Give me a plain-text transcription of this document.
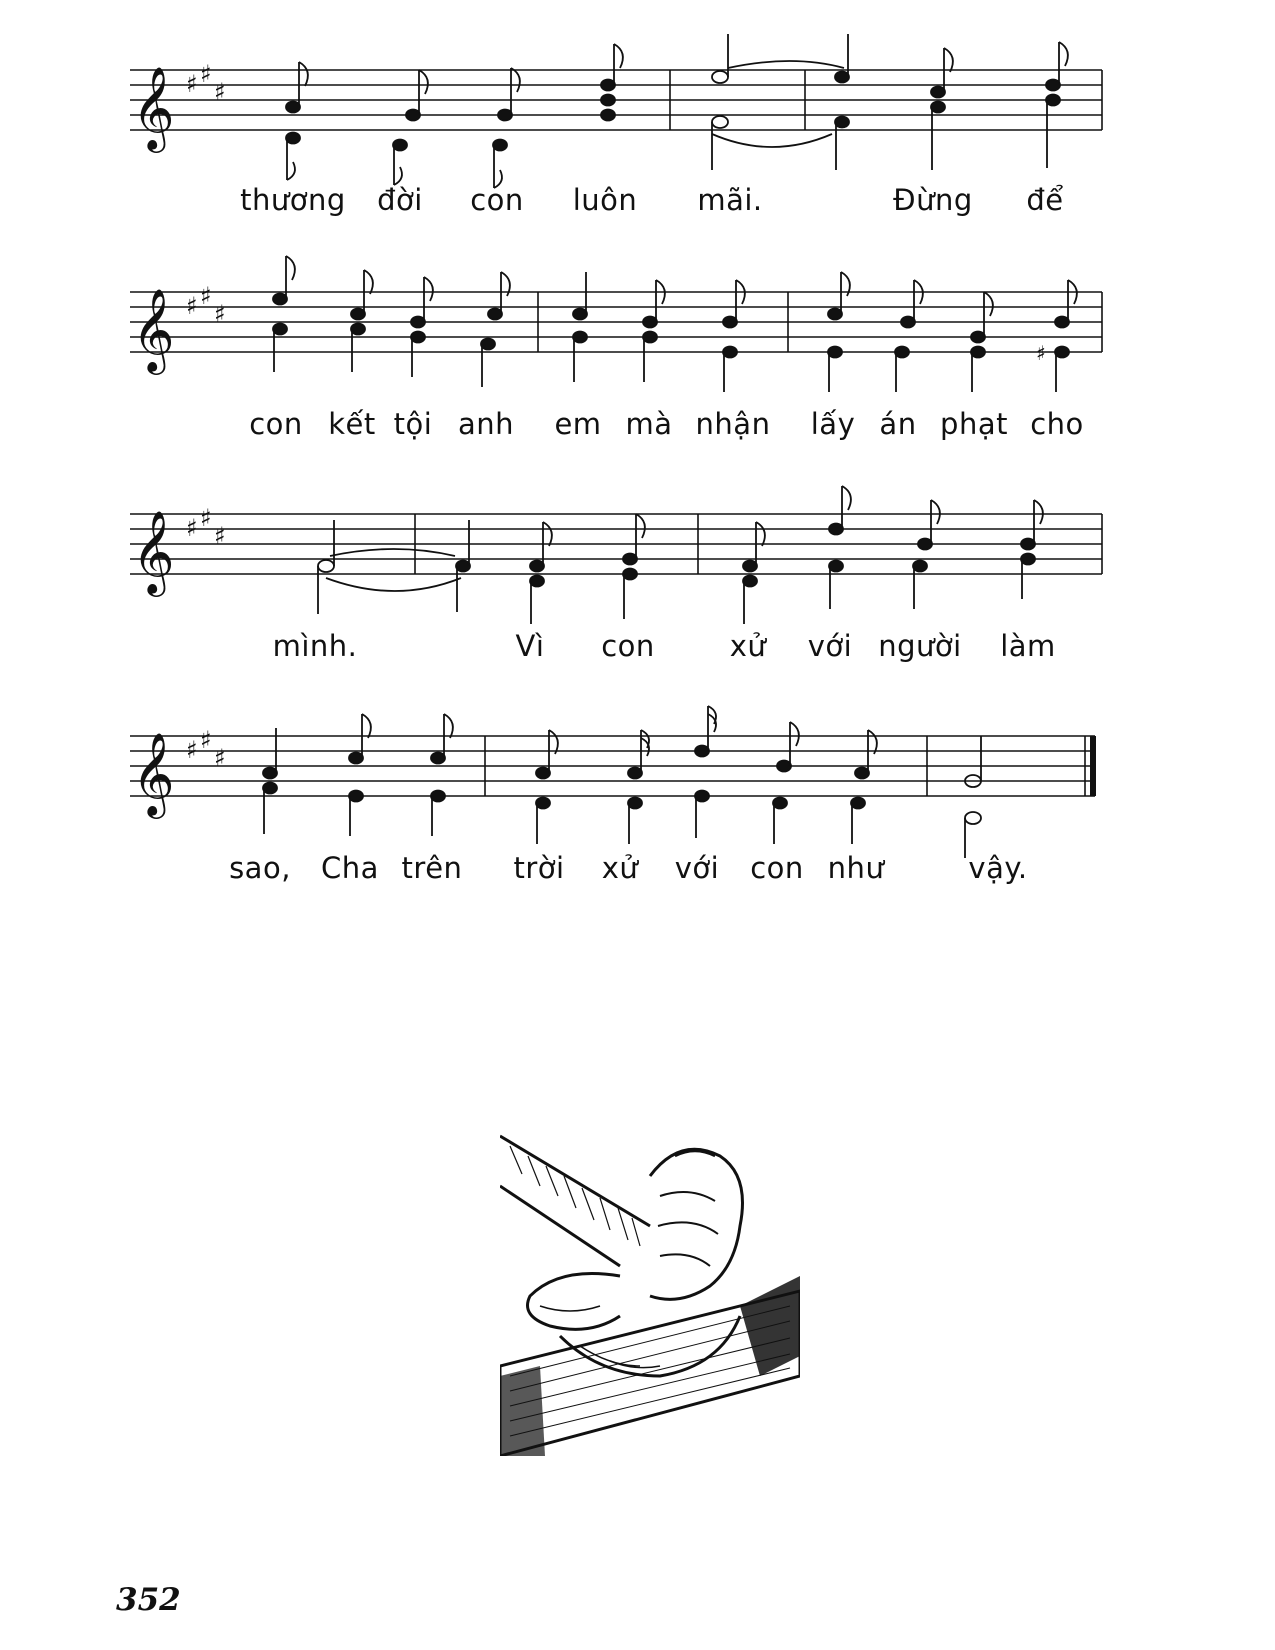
𝄞 ♯ ♯
♯
thương đời con luôn mãi.	Đừng để
𝄞 ♯ ♯
♯
♯
con kết tội anh em mà nhận lấy án phạt cho
𝄞 ♯ ♯
♯
mình.	Vì con	xử với người làm
𝄞 ♯ ♯
♯
sao, Cha trên trời xử với con như	vậy.
352
